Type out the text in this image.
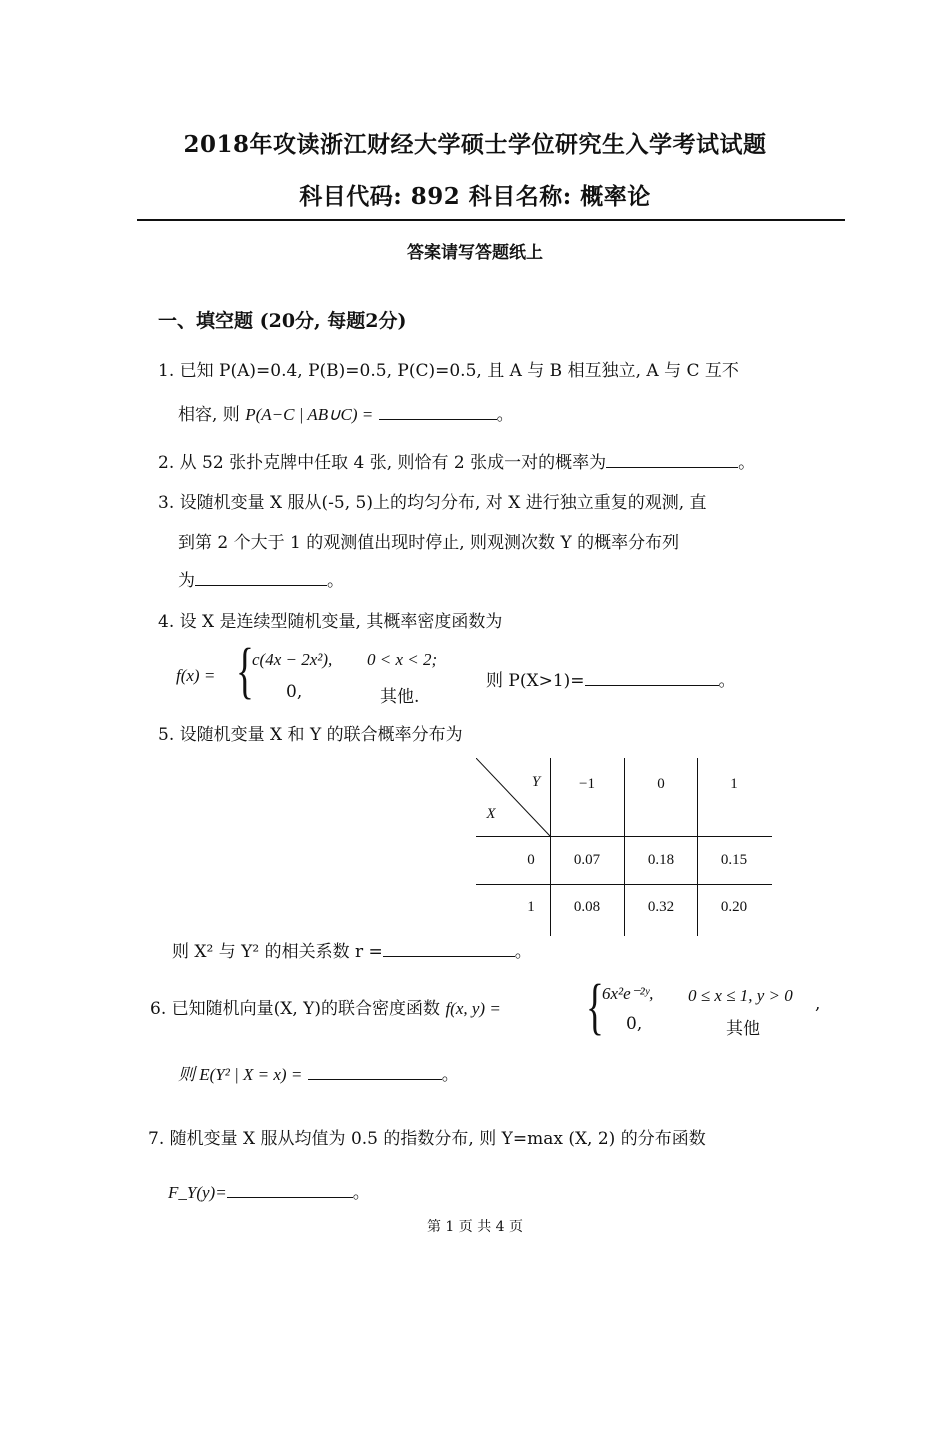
2018年攻读浙江财经大学硕士学位研究生入学考试试题
科目代码: 892 科目名称: 概率论
答案请写答题纸上
一、填空题 (20分, 每题2分)
1. 已知 P(A)=0.4, P(B)=0.5, P(C)=0.5, 且 A 与 B 相互独立, A 与 C 互不
相容, 则 P(A−C | AB∪C) =	。
2. 从 52 张扑克牌中任取 4 张, 则恰有 2 张成一对的概率为	。
3. 设随机变量 X 服从(-5, 5)上的均匀分布, 对 X 进行独立重复的观测, 直
到第 2 个大于 1 的观测值出现时停止, 则观测次数 Y 的概率分布列
为	。
4. 设 X 是连续型随机变量, 其概率密度函数为
f(x) = {
c(4x − 2x²), 0 < x < 2;
0,	其他.
则 P(X>1)=	。
5. 设随机变量 X 和 Y 的联合概率分布为
Y
X
−1	0	1
0	0.07	0.18	0.15
1	0.08	0.32	0.20
则 X² 与 Y² 的相关系数 r =	。
6. 已知随机向量(X, Y)的联合密度函数 f(x, y) = {
6x²e⁻²ʸ, 0 ≤ x ≤ 1, y > 0 ,
0,	其他
则 E(Y² | X = x) =	。
7. 随机变量 X 服从均值为 0.5 的指数分布, 则 Y=max (X, 2) 的分布函数
F_Y(y)=	。
第 1 页 共 4 页
